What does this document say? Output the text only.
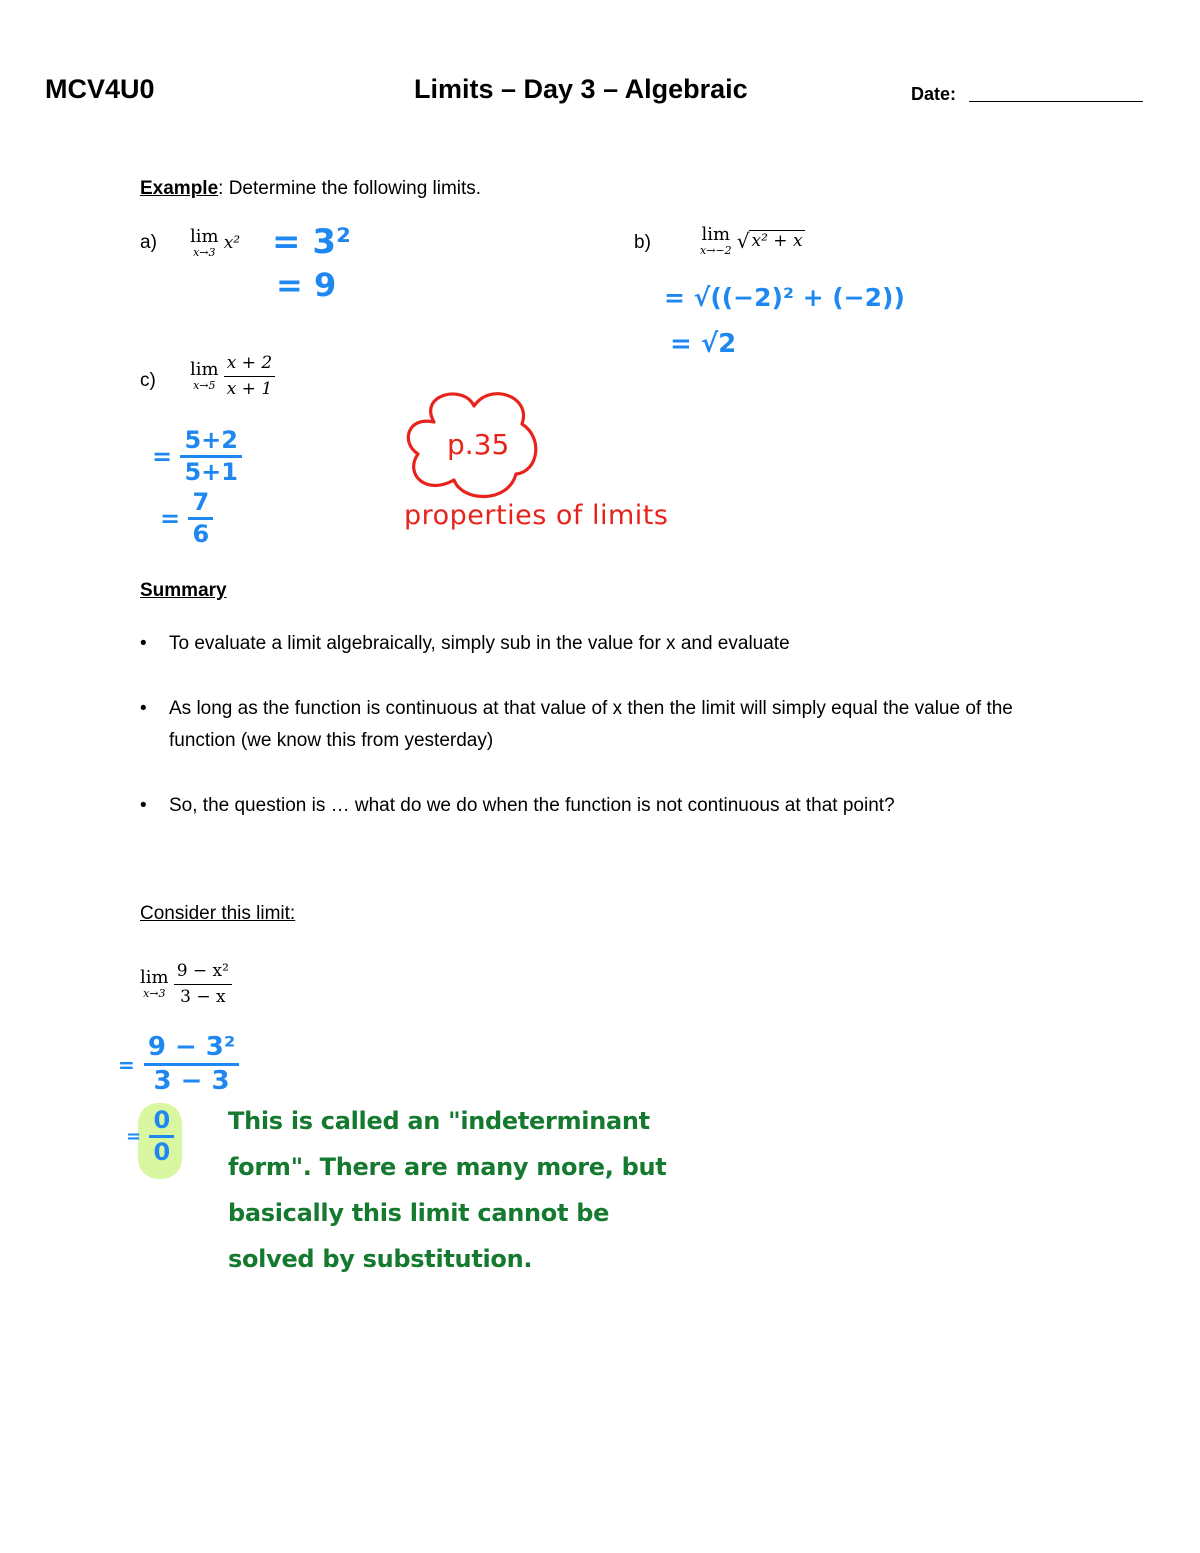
MCV4U0	Limits – Day 3 – Algebraic	Date:
Example: Determine the following limits.
a) lim
x→3 x² = 3²
= 9
b)	lim
x→−2 √ x² + x
= √((−2)² + (−2))
= √2
c)
lim
x→5
$\frac{x + 2}{x + 1}$
= $\frac{5+2}{5+1}$
= $\frac{7}{6}$
p.35
properties of limits
Summary
• To evaluate a limit algebraically, simply sub in the value for x and evaluate
• As long as the function is continuous at that value of x then the limit will simply equal the value of the function (we know this from yesterday)
• So, the question is … what do we do when the function is not continuous at that point?
Consider this limit:
lim
x→3
$\frac{\text{9 − x²}}{3 - x}$
= $\frac{\text{9 − 3²}}{3 - 3}$
= $\frac{0}{0}$ This is called an "indeterminant
form". There are many more, but
basically this limit cannot be
solved by substitution.
